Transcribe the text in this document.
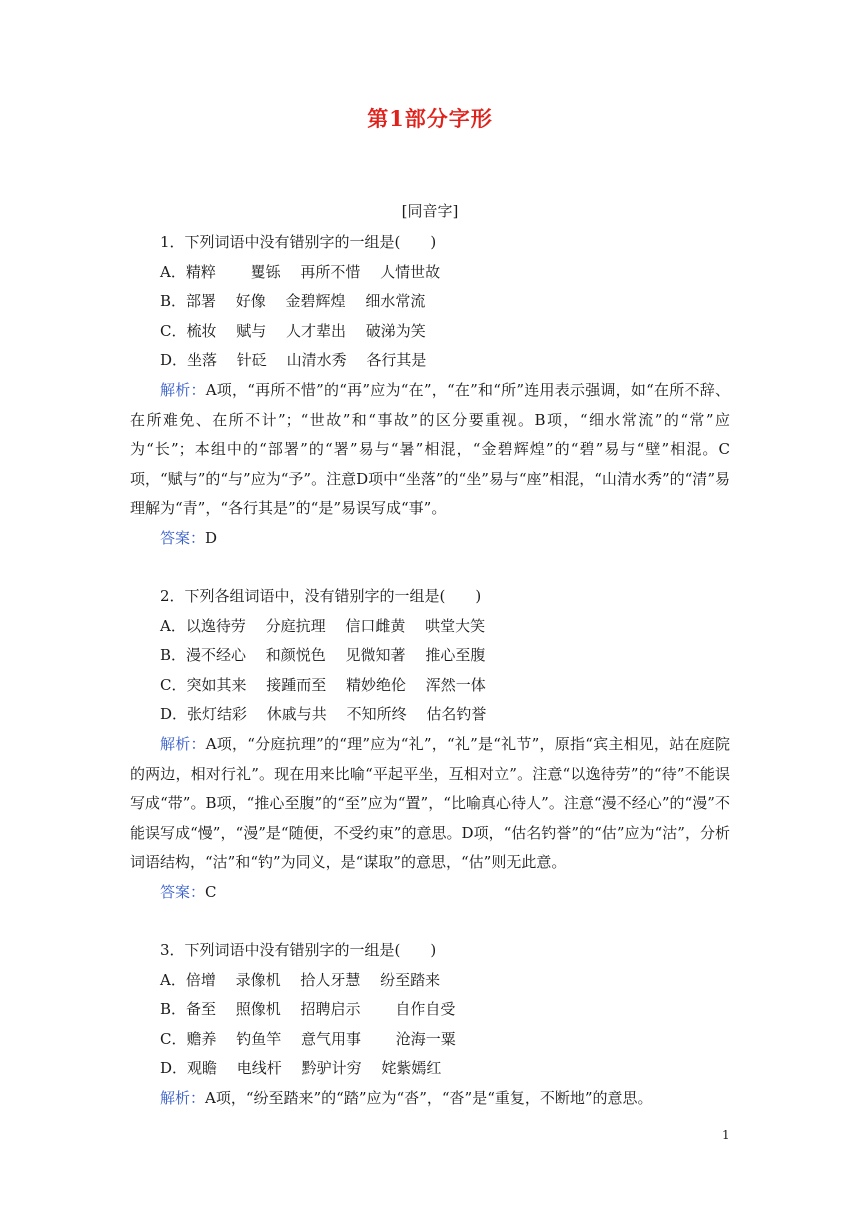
第1部分字形
[同音字]
1．下列词语中没有错别字的一组是(　　)
A．精粹　　 矍铄　 再所不惜　 人情世故
B．部署　 好像　 金碧辉煌　 细水常流
C．梳妆　 赋与　 人才辈出　 破涕为笑
D．坐落　 针砭　 山清水秀　 各行其是
解析：A项，“再所不惜”的“再”应为“在”，“在”和“所”连用表示强调，如“在所不辞、在所难免、在所不计”；“世故”和“事故”的区分要重视。B项，“细水常流”的“常”应为“长”；本组中的“部署”的“署”易与“暑”相混，“金碧辉煌”的“碧”易与“壁”相混。C项，“赋与”的“与”应为“予”。注意D项中“坐落”的“坐”易与“座”相混，“山清水秀”的“清”易理解为“青”，“各行其是”的“是”易误写成“事”。
答案：D
2．下列各组词语中，没有错别字的一组是(　　)
A．以逸待劳　 分庭抗理　 信口雌黄　 哄堂大笑
B．漫不经心　 和颜悦色　 见微知著　 推心至腹
C．突如其来　 接踵而至　 精妙绝伦　 浑然一体
D．张灯结彩　 休戚与共　 不知所终　 估名钓誉
解析：A项，“分庭抗理”的“理”应为“礼”，“礼”是“礼节”，原指“宾主相见，站在庭院的两边，相对行礼”。现在用来比喻“平起平坐，互相对立”。注意“以逸待劳”的“待”不能误写成“带”。B项，“推心至腹”的“至”应为“置”，“比喻真心待人”。注意“漫不经心”的“漫”不能误写成“慢”，“漫”是“随便，不受约束”的意思。D项，“估名钓誉”的“估”应为“沽”，分析词语结构，“沽”和“钓”为同义，是“谋取”的意思，“估”则无此意。
答案：C
3．下列词语中没有错别字的一组是(　　)
A．倍增　 录像机　 拾人牙慧　 纷至踏来
B．备至　 照像机　 招聘启示　　 自作自受
C．赡养　 钓鱼竿　 意气用事　　 沧海一粟
D．观瞻　 电线杆　 黔驴计穷　 姹紫嫣红
解析：A项，“纷至踏来”的“踏”应为“沓”，“沓”是“重复，不断地”的意思。
1
